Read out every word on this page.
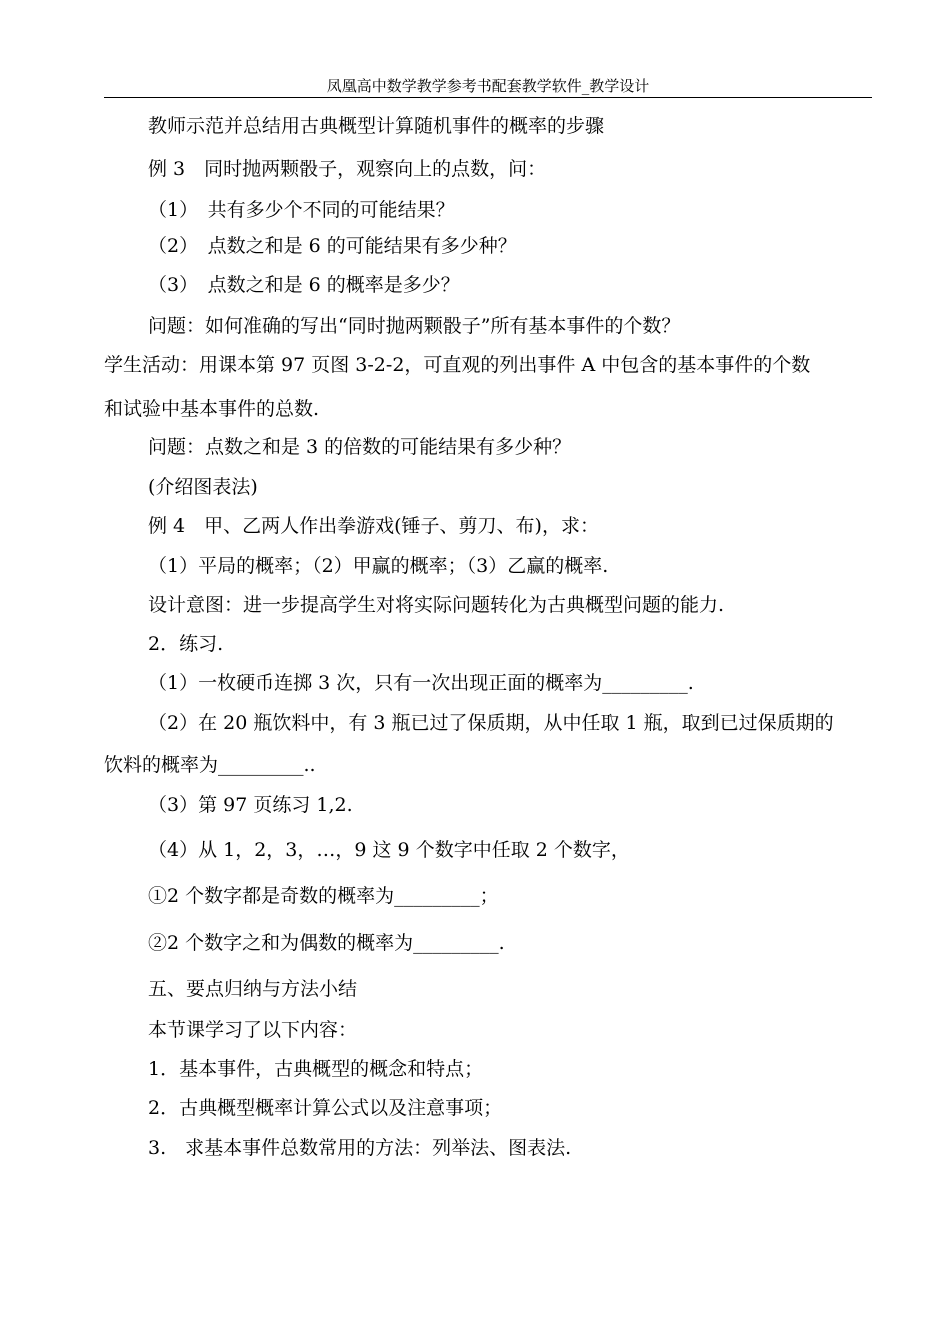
凤凰高中数学教学参考书配套教学软件_教学设计
教师示范并总结用古典概型计算随机事件的概率的步骤
例 3　同时抛两颗骰子，观察向上的点数，问：
（1）　共有多少个不同的可能结果？
（2）　点数之和是 6 的可能结果有多少种？
（3）　点数之和是 6 的概率是多少？
问题：如何准确的写出“同时抛两颗骰子”所有基本事件的个数？
学生活动：用课本第 97 页图 3-2-2，可直观的列出事件 A 中包含的基本事件的个数
和试验中基本事件的总数.
问题：点数之和是 3 的倍数的可能结果有多少种？
(介绍图表法)
例 4　甲、乙两人作出拳游戏(锤子、剪刀、布)，求：
（1）平局的概率；（2）甲赢的概率；（3）乙赢的概率.
设计意图：进一步提高学生对将实际问题转化为古典概型问题的能力.
2．练习.
（1）一枚硬币连掷 3 次，只有一次出现正面的概率为_________.
（2）在 20 瓶饮料中，有 3 瓶已过了保质期，从中任取 1 瓶，取到已过保质期的
饮料的概率为_________..
（3）第 97 页练习 1,2.
（4）从 1，2，3，…，9 这 9 个数字中任取 2 个数字，
①2 个数字都是奇数的概率为_________；
②2 个数字之和为偶数的概率为_________.
五、要点归纳与方法小结
本节课学习了以下内容：
1．基本事件，古典概型的概念和特点；
2．古典概型概率计算公式以及注意事项；
3.　求基本事件总数常用的方法：列举法、图表法.
